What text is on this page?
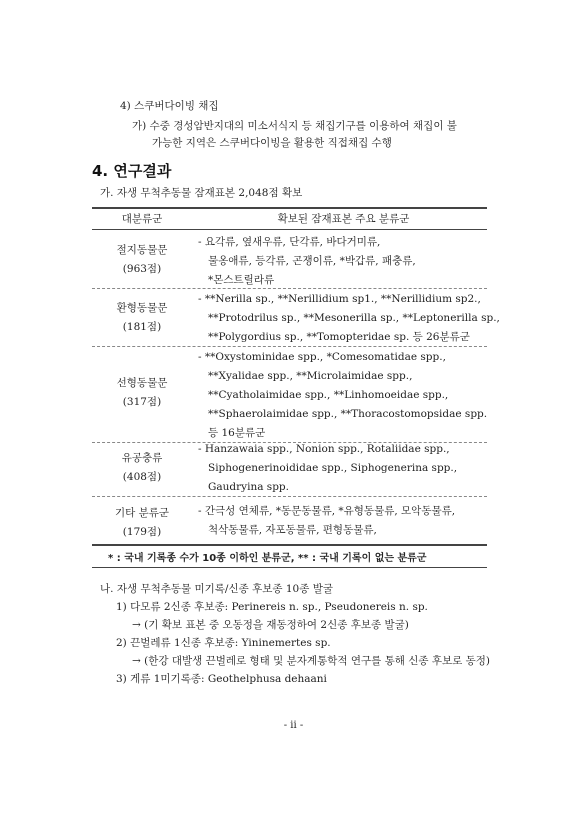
4) 스쿠버다이빙 채집
가) 수중 경성암반지대의 미소서식지 등 채집기구를 이용하여 채집이 불
가능한 지역은 스쿠버다이빙을 활용한 직접채집 수행
4. 연구결과
가. 자생 무척추동물 잠재표본 2,048점 확보
대분류군	확보된 잠재표본 주요 분류군
절지동물문
(963점)
- 요각류, 옆새우류, 단각류, 바다거미류,
물옹애류, 등각류, 곤쟁이류, *박갑류, 패충류,
*몬스트릴라류
환형동물문
(181점)
- **Nerilla sp., **Nerillidium sp1., **Nerillidium sp2.,
**Protodrilus sp., **Mesonerilla sp., **Leptonerilla sp.,
**Polygordius sp., **Tomopteridae sp. 등 26분류군
선형동물문
(317점)
- **Oxystominidae spp., *Comesomatidae spp.,
**Xyalidae spp., **Microlaimidae spp.,
**Cyatholaimidae spp., **Linhomoeidae spp.,
**Sphaerolaimidae spp., **Thoracostomopsidae spp.
등 16분류군
유공충류
(408점)
- Hanzawaia spp., Nonion spp., Rotaliidae spp.,
Siphogenerinoididae spp., Siphogenerina spp.,
Gaudryina spp.
기타 분류군
(179점)
- 간극성 연체류, *동문동물류, *유형동물류, 모악동물류,
척삭동물류, 자포동물류, 편형동물류,
* : 국내 기록종 수가 10종 이하인 분류군, ** : 국내 기록이 없는 분류군
나. 자생 무척추동물 미기록/신종 후보종 10종 발굴
1) 다모류 2신종 후보종: Perinereis n. sp., Pseudonereis n. sp.
→ (기 확보 표본 중 오동정을 재동정하여 2신종 후보종 발굴)
2) 끈벌레류 1신종 후보종: Yininemertes sp.
→ (한강 대발생 끈벌레로 형태 및 분자계통학적 연구를 통해 신종 후보로 동정)
3) 게류 1미기록종: Geothelphusa dehaani
- ii -
